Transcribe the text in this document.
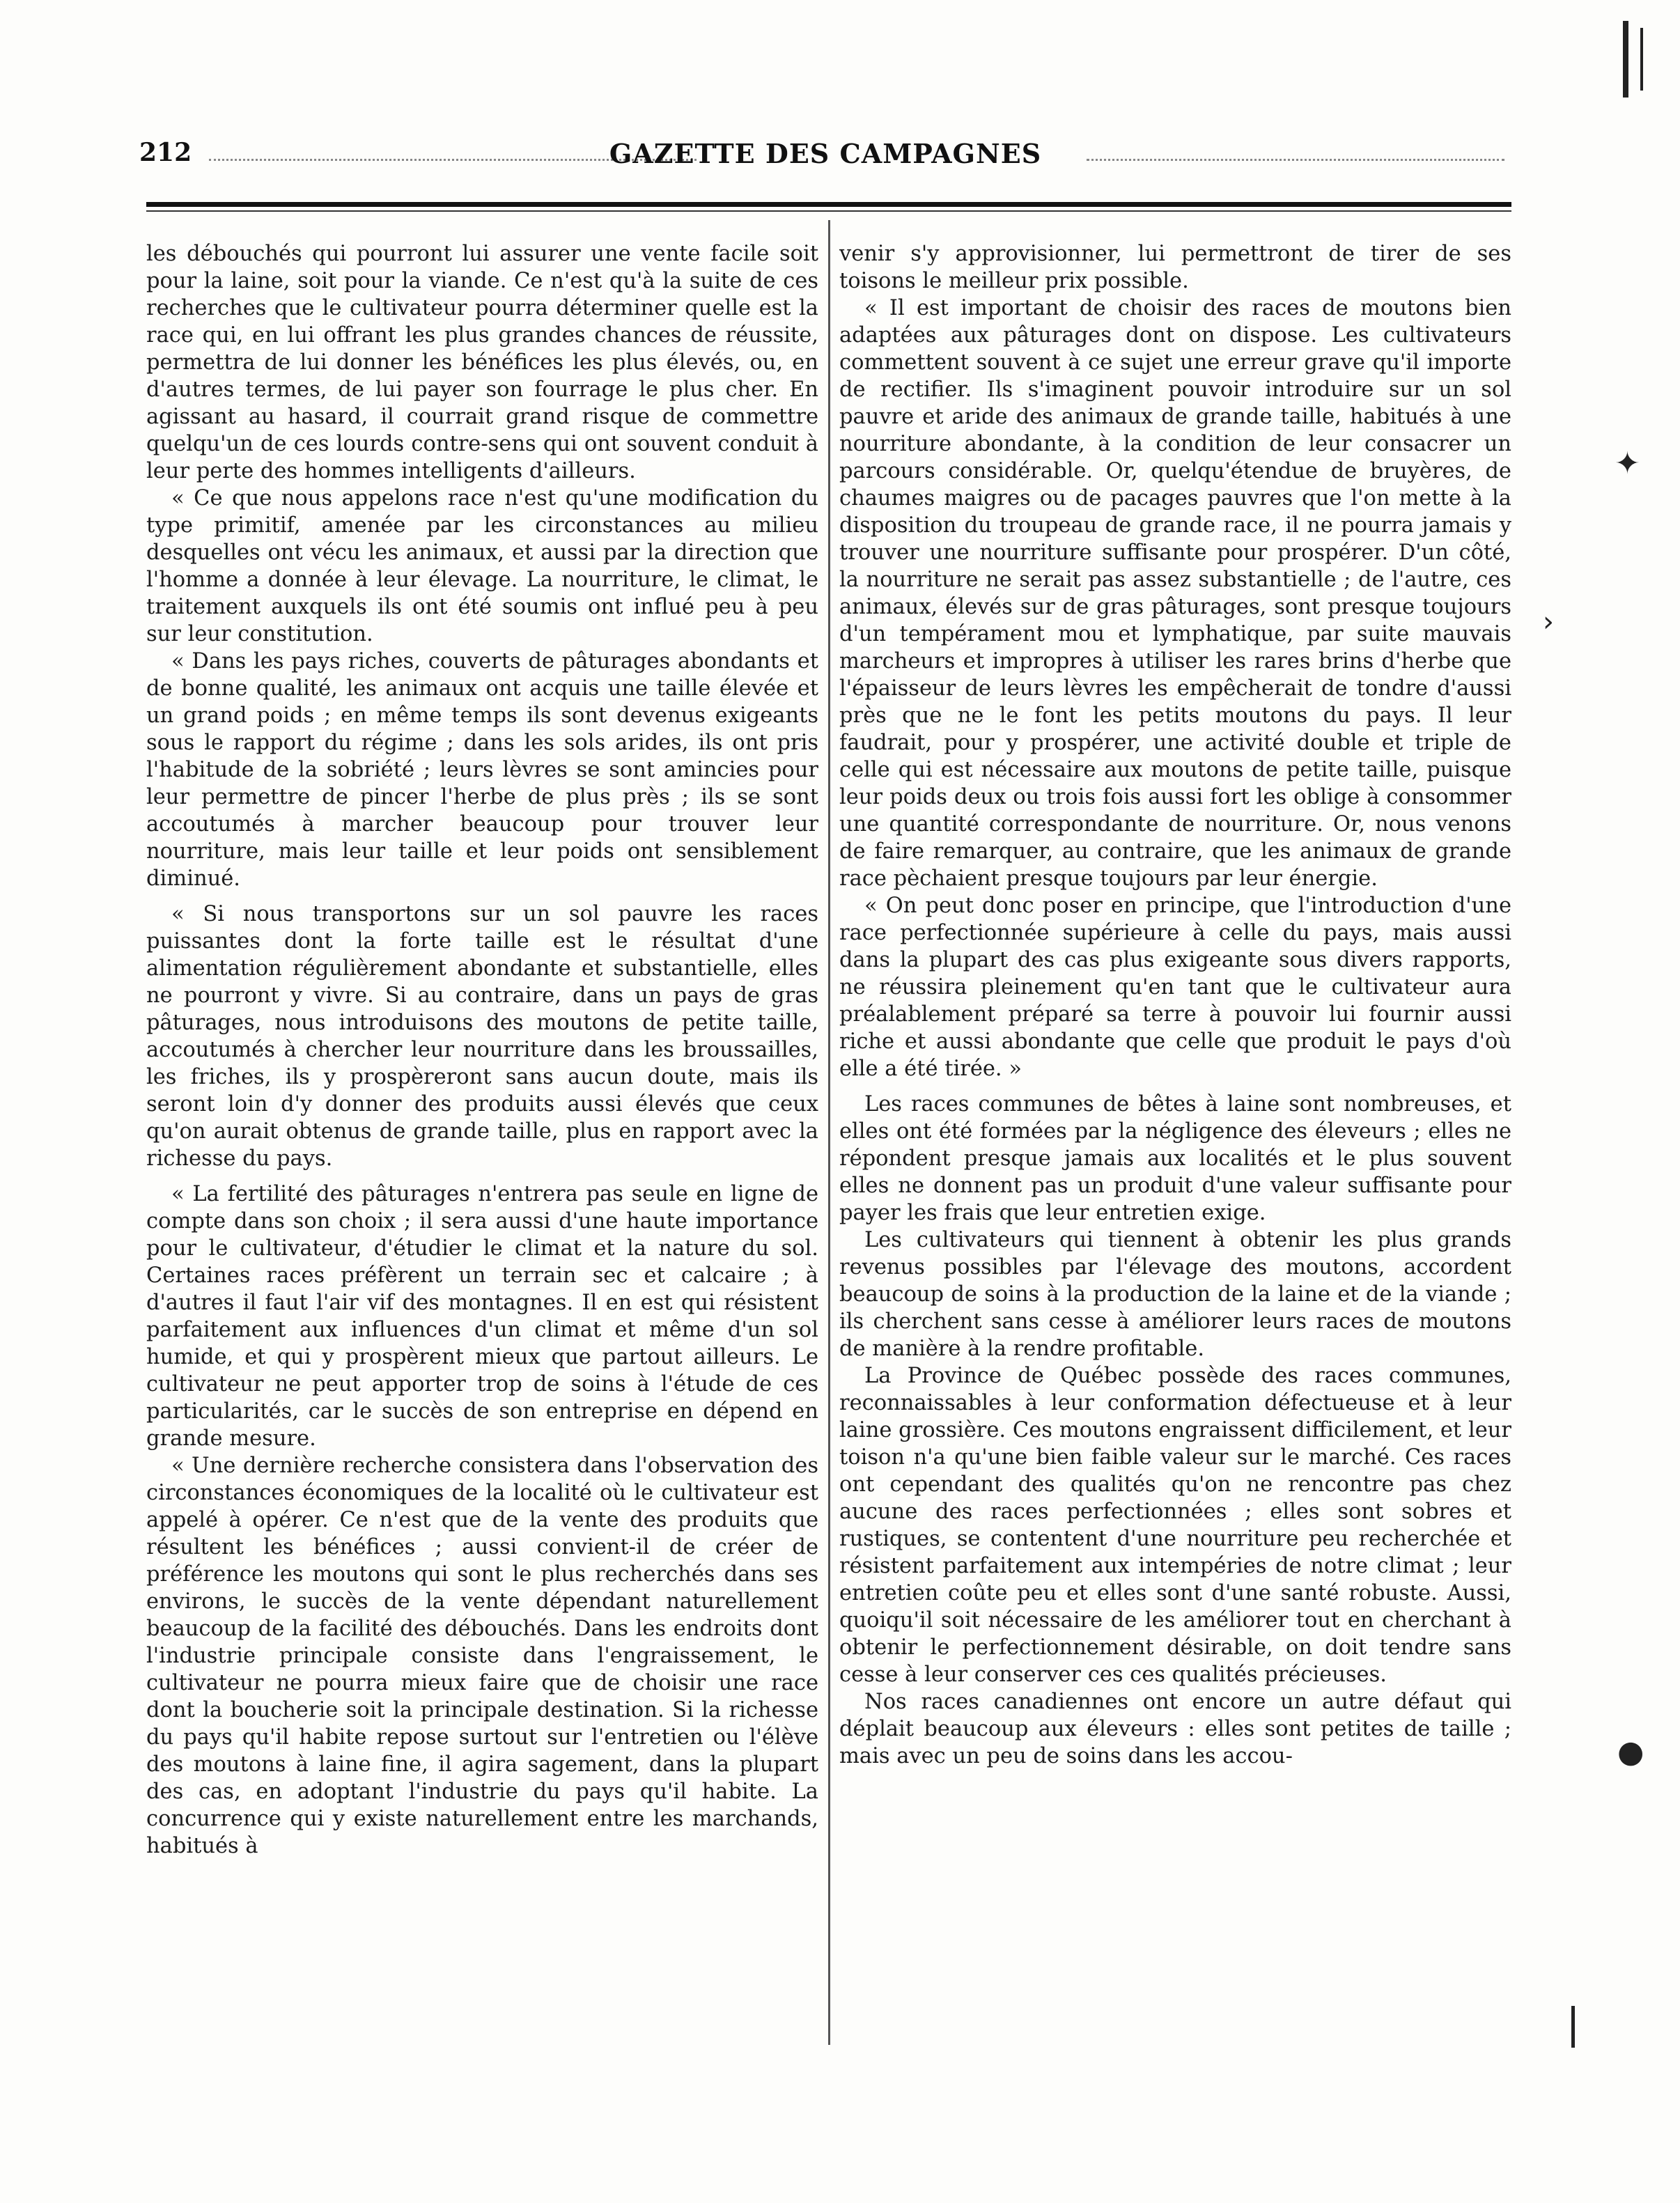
212	GAZETTE DES CAMPAGNES

les débouchés qui pourront lui assurer une vente facile soit pour la laine, soit pour la viande. Ce n'est qu'à la suite de ces recherches que le cultivateur pourra déterminer quelle est la race qui, en lui offrant les plus grandes chances de réussite, permettra de lui donner les bénéfices les plus élevés, ou, en d'autres termes, de lui payer son fourrage le plus cher. En agissant au hasard, il courrait grand risque de commettre quelqu'un de ces lourds contre-sens qui ont souvent conduit à leur perte des hommes intelligents d'ailleurs.

« Ce que nous appelons race n'est qu'une modification du type primitif, amenée par les circonstances au milieu desquelles ont vécu les animaux, et aussi par la direction que l'homme a donnée à leur élevage. La nourriture, le climat, le traitement auxquels ils ont été soumis ont influé peu à peu sur leur constitution.

« Dans les pays riches, couverts de pâturages abondants et de bonne qualité, les animaux ont acquis une taille élevée et un grand poids ; en même temps ils sont devenus exigeants sous le rapport du régime ; dans les sols arides, ils ont pris l'habitude de la sobriété ; leurs lèvres se sont amincies pour leur permettre de pincer l'herbe de plus près ; ils se sont accoutumés à marcher beaucoup pour trouver leur nourriture, mais leur taille et leur poids ont sensiblement diminué.

« Si nous transportons sur un sol pauvre les races puissantes dont la forte taille est le résultat d'une alimentation régulièrement abondante et substantielle, elles ne pourront y vivre. Si au contraire, dans un pays de gras pâturages, nous introduisons des moutons de petite taille, accoutumés à chercher leur nourriture dans les broussailles, les friches, ils y prospèreront sans aucun doute, mais ils seront loin d'y donner des produits aussi élevés que ceux qu'on aurait obtenus de grande taille, plus en rapport avec la richesse du pays.

« La fertilité des pâturages n'entrera pas seule en ligne de compte dans son choix ; il sera aussi d'une haute importance pour le cultivateur, d'étudier le climat et la nature du sol. Certaines races préfèrent un terrain sec et calcaire ; à d'autres il faut l'air vif des montagnes. Il en est qui résistent parfaitement aux influences d'un climat et même d'un sol humide, et qui y prospèrent mieux que partout ailleurs. Le cultivateur ne peut apporter trop de soins à l'étude de ces particularités, car le succès de son entreprise en dépend en grande mesure.

« Une dernière recherche consistera dans l'observation des circonstances économiques de la localité où le cultivateur est appelé à opérer. Ce n'est que de la vente des produits que résultent les bénéfices ; aussi convient-il de créer de préférence les moutons qui sont le plus recherchés dans ses environs, le succès de la vente dépendant naturellement beaucoup de la facilité des débouchés. Dans les endroits dont l'industrie principale consiste dans l'engraissement, le cultivateur ne pourra mieux faire que de choisir une race dont la boucherie soit la principale destination. Si la richesse du pays qu'il habite repose surtout sur l'entretien ou l'élève des moutons à laine fine, il agira sagement, dans la plupart des cas, en adoptant l'industrie du pays qu'il habite. La concurrence qui y existe naturellement entre les marchands, habitués à

venir s'y approvisionner, lui permettront de tirer de ses toisons le meilleur prix possible.

« Il est important de choisir des races de moutons bien adaptées aux pâturages dont on dispose. Les cultivateurs commettent souvent à ce sujet une erreur grave qu'il importe de rectifier. Ils s'imaginent pouvoir introduire sur un sol pauvre et aride des animaux de grande taille, habitués à une nourriture abondante, à la condition de leur consacrer un parcours considérable. Or, quelqu'étendue de bruyères, de chaumes maigres ou de pacages pauvres que l'on mette à la disposition du troupeau de grande race, il ne pourra jamais y trouver une nourriture suffisante pour prospérer. D'un côté, la nourriture ne serait pas assez substantielle ; de l'autre, ces animaux, élevés sur de gras pâturages, sont presque toujours d'un tempérament mou et lymphatique, par suite mauvais marcheurs et impropres à utiliser les rares brins d'herbe que l'épaisseur de leurs lèvres les empêcherait de tondre d'aussi près que ne le font les petits moutons du pays. Il leur faudrait, pour y prospérer, une activité double et triple de celle qui est nécessaire aux moutons de petite taille, puisque leur poids deux ou trois fois aussi fort les oblige à consommer une quantité correspondante de nourriture. Or, nous venons de faire remarquer, au contraire, que les animaux de grande race pèchaient presque toujours par leur énergie.

« On peut donc poser en principe, que l'introduction d'une race perfectionnée supérieure à celle du pays, mais aussi dans la plupart des cas plus exigeante sous divers rapports, ne réussira pleinement qu'en tant que le cultivateur aura préalablement préparé sa terre à pouvoir lui fournir aussi riche et aussi abondante que celle que produit le pays d'où elle a été tirée. »

Les races communes de bêtes à laine sont nombreuses, et elles ont été formées par la négligence des éleveurs ; elles ne répondent presque jamais aux localités et le plus souvent elles ne donnent pas un produit d'une valeur suffisante pour payer les frais que leur entretien exige.

Les cultivateurs qui tiennent à obtenir les plus grands revenus possibles par l'élevage des moutons, accordent beaucoup de soins à la production de la laine et de la viande ; ils cherchent sans cesse à améliorer leurs races de moutons de manière à la rendre profitable.

La Province de Québec possède des races communes, reconnaissables à leur conformation défectueuse et à leur laine grossière. Ces moutons engraissent difficilement, et leur toison n'a qu'une bien faible valeur sur le marché. Ces races ont cependant des qualités qu'on ne rencontre pas chez aucune des races perfectionnées ; elles sont sobres et rustiques, se contentent d'une nourriture peu recherchée et résistent parfaitement aux intempéries de notre climat ; leur entretien coûte peu et elles sont d'une santé robuste. Aussi, quoiqu'il soit nécessaire de les améliorer tout en cherchant à obtenir le perfectionnement désirable, on doit tendre sans cesse à leur conserver ces ces qualités précieuses.

Nos races canadiennes ont encore un autre défaut qui déplait beaucoup aux éleveurs : elles sont petites de taille ; mais avec un peu de soins dans les accou-

✦
●
›
